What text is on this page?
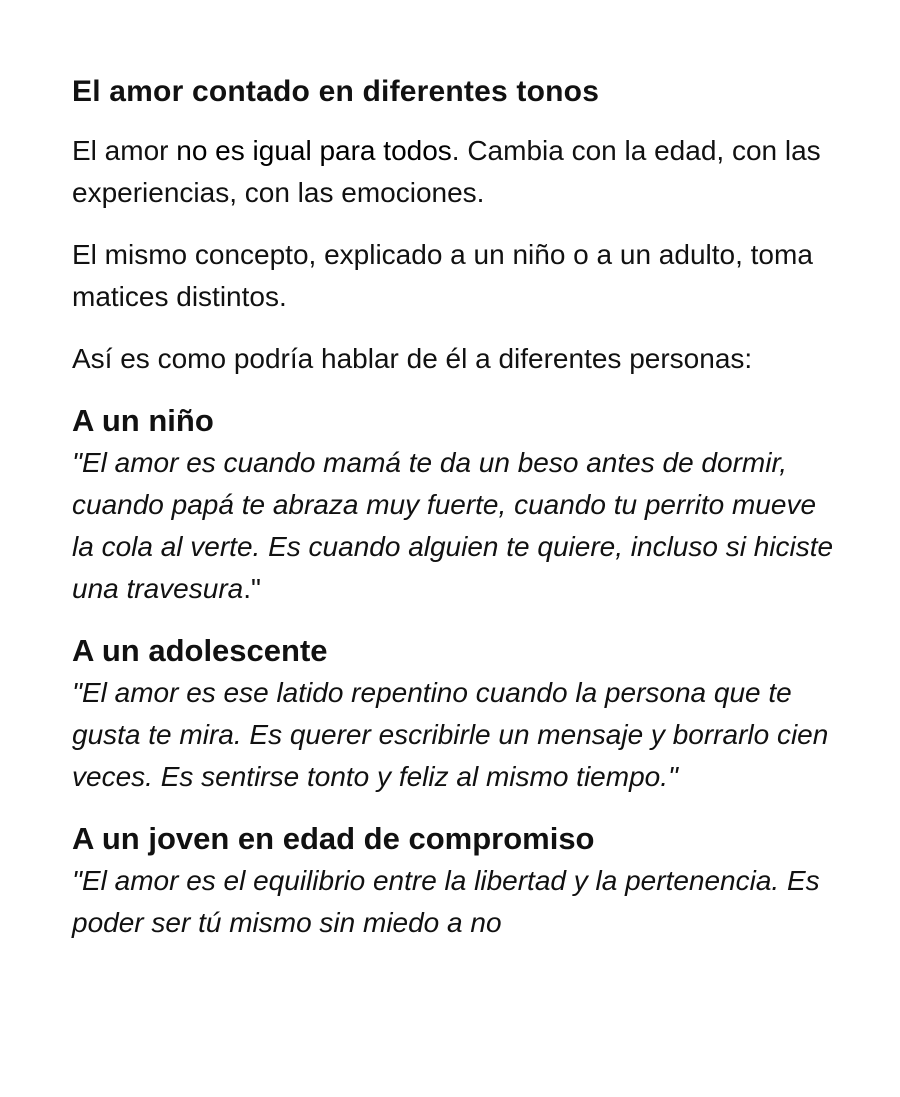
El amor contado en diferentes tonos

El amor no es igual para todos. Cambia con la edad, con las experiencias, con las emociones.

El mismo concepto, explicado a un niño o a un adulto, toma matices distintos.

Así es como podría hablar de él a diferentes personas:

A un niño

"El amor es cuando mamá te da un beso antes de dormir, cuando papá te abraza muy fuerte, cuando tu perrito mueve la cola al verte. Es cuando alguien te quiere, incluso si hiciste una travesura."

A un adolescente

"El amor es ese latido repentino cuando la persona que te gusta te mira. Es querer escribirle un mensaje y borrarlo cien veces. Es sentirse tonto y feliz al mismo tiempo."

A un joven en edad de compromiso

"El amor es el equilibrio entre la libertad y la pertenencia. Es poder ser tú mismo sin miedo a no
